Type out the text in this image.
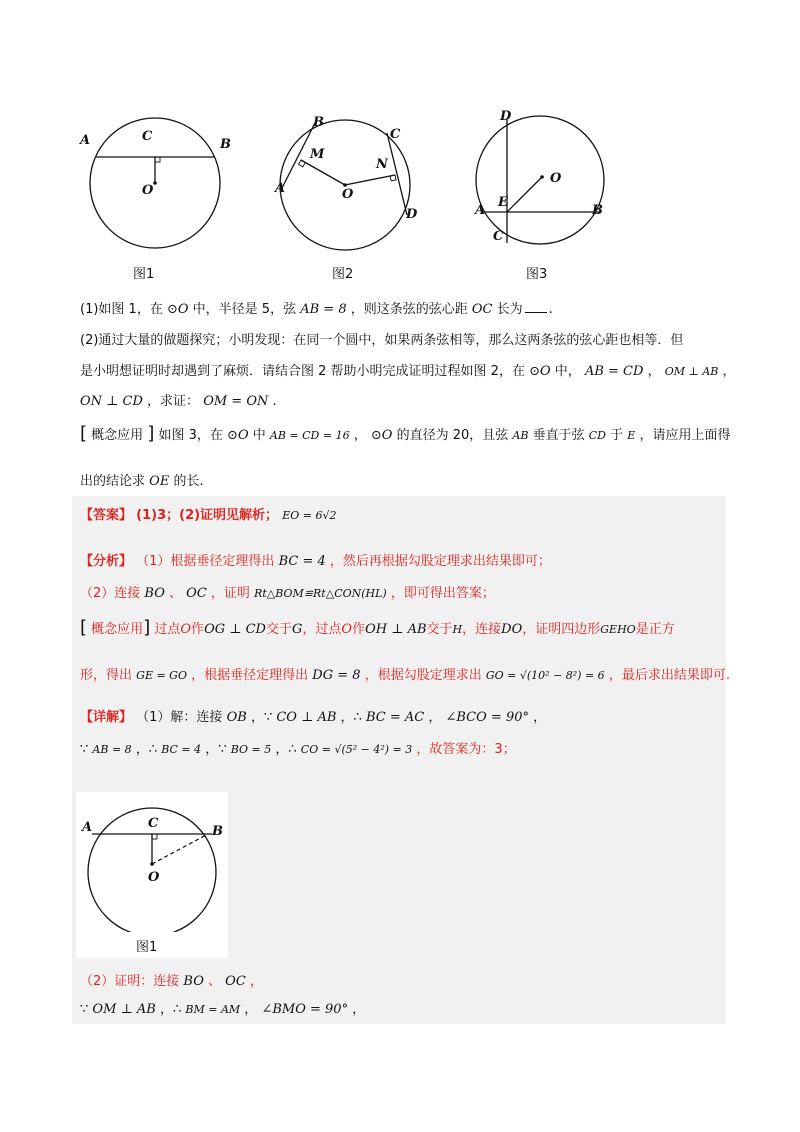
A	B
C
O
图1
B
C
A
D
M
N
O
图2
D
O
E
A	B
C
图3
(1)如图 1，在 ⊙O 中，半径是 5，弦 AB = 8 ，则这条弦的弦心距 OC 长为 .
(2)通过大量的做题探究；小明发现：在同一个圆中，如果两条弦相等，那么这两条弦的弦心距也相等．但
是小明想证明时却遇到了麻烦．请结合图 2 帮助小明完成证明过程如图 2，在 ⊙O 中， AB = CD ， OM ⊥ AB ，
ON ⊥ CD ，求证： OM = ON .
[ 概念应用 ] 如图 3，在 ⊙O 中 AB = CD = 16 ， ⊙O 的直径为 20，且弦 AB 垂直于弦 CD 于 E ，请应用上面得
出的结论求 OE 的长.
【答案】 (1)3；(2)证明见解析； EO = 6√2
【分析】 （1）根据垂径定理得出 BC = 4 ，然后再根据勾股定理求出结果即可；
（2）连接 BO 、 OC ，证明 Rt△BOM≌Rt△CON(HL) ，即可得出答案；
[ 概念应用] 过点O作OG ⊥ CD交于G，过点O作OH ⊥ AB交于H，连接DO，证明四边形GEHO是正方
形，得出 GE = GO ，根据垂径定理得出 DG = 8 ，根据勾股定理求出 GO = √(10² − 8²) = 6 ，最后求出结果即可.
【详解】 （1）解：连接 OB ，∵ CO ⊥ AB ，∴ BC = AC ， ∠BCO = 90° ，
∵ AB = 8 ，∴ BC = 4 ，∵ BO = 5 ，∴ CO = √(5² − 4²) = 3 ，故答案为：3；
A	B
C
O
图1
（2）证明：连接 BO 、 OC ，
∵ OM ⊥ AB ，∴ BM = AM ， ∠BMO = 90° ，
